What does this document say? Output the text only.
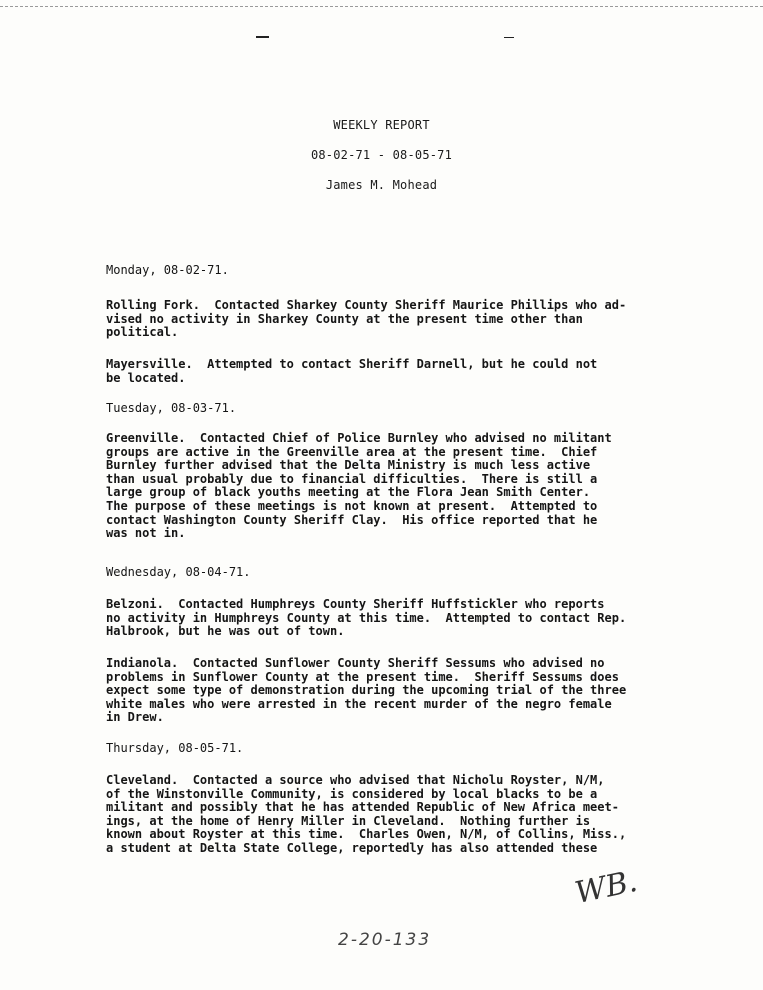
WEEKLY REPORT
08-02-71 - 08-05-71
James M. Mohead
Monday, 08-02-71.
Rolling Fork.  Contacted Sharkey County Sheriff Maurice Phillips who ad-
vised no activity in Sharkey County at the present time other than
political.
Mayersville.  Attempted to contact Sheriff Darnell, but he could not
be located.
Tuesday, 08-03-71.
Greenville.  Contacted Chief of Police Burnley who advised no militant
groups are active in the Greenville area at the present time.  Chief
Burnley further advised that the Delta Ministry is much less active
than usual probably due to financial difficulties.  There is still a
large group of black youths meeting at the Flora Jean Smith Center.
The purpose of these meetings is not known at present.  Attempted to
contact Washington County Sheriff Clay.  His office reported that he
was not in.
Wednesday, 08-04-71.
Belzoni.  Contacted Humphreys County Sheriff Huffstickler who reports
no activity in Humphreys County at this time.  Attempted to contact Rep.
Halbrook, but he was out of town.
Indianola.  Contacted Sunflower County Sheriff Sessums who advised no
problems in Sunflower County at the present time.  Sheriff Sessums does
expect some type of demonstration during the upcoming trial of the three
white males who were arrested in the recent murder of the negro female
in Drew.
Thursday, 08-05-71.
Cleveland.  Contacted a source who advised that Nicholu Royster, N/M,
of the Winstonville Community, is considered by local blacks to be a
militant and possibly that he has attended Republic of New Africa meet-
ings, at the home of Henry Miller in Cleveland.  Nothing further is
known about Royster at this time.  Charles Owen, N/M, of Collins, Miss.,
a student at Delta State College, reportedly has also attended these
WB.
2-20-133
